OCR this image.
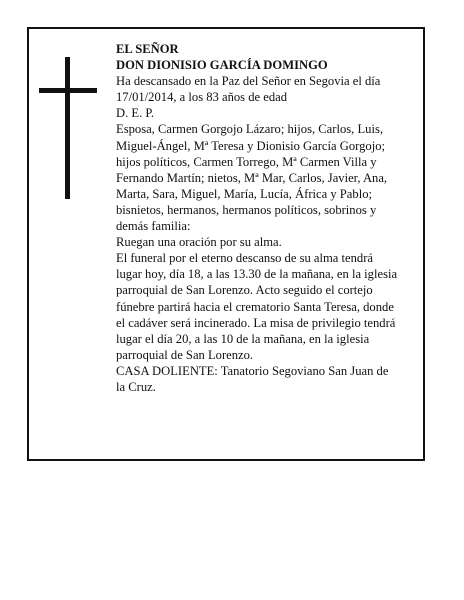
EL SEÑOR
DON DIONISIO GARCÍA DOMINGO
Ha descansado en la Paz del Señor en Segovia el día
17/01/2014, a los 83 años de edad
D. E. P.
Esposa, Carmen Gorgojo Lázaro; hijos, Carlos, Luis,
Miguel-Ángel, Mª Teresa y Dionisio García Gorgojo;
hijos políticos, Carmen Torrego, Mª Carmen Villa y
Fernando Martín; nietos, Mª Mar, Carlos, Javier, Ana,
Marta, Sara, Miguel, María, Lucía, África y Pablo;
bisnietos, hermanos, hermanos políticos, sobrinos y
demás familia:
Ruegan una oración por su alma.
El funeral por el eterno descanso de su alma tendrá
lugar hoy, día 18, a las 13.30 de la mañana, en la iglesia
parroquial de San Lorenzo. Acto seguido el cortejo
fúnebre partirá hacia el crematorio Santa Teresa, donde
el cadáver será incinerado. La misa de privilegio tendrá
lugar el día 20, a las 10 de la mañana, en la iglesia
parroquial de San Lorenzo.
CASA DOLIENTE: Tanatorio Segoviano San Juan de
la Cruz.
